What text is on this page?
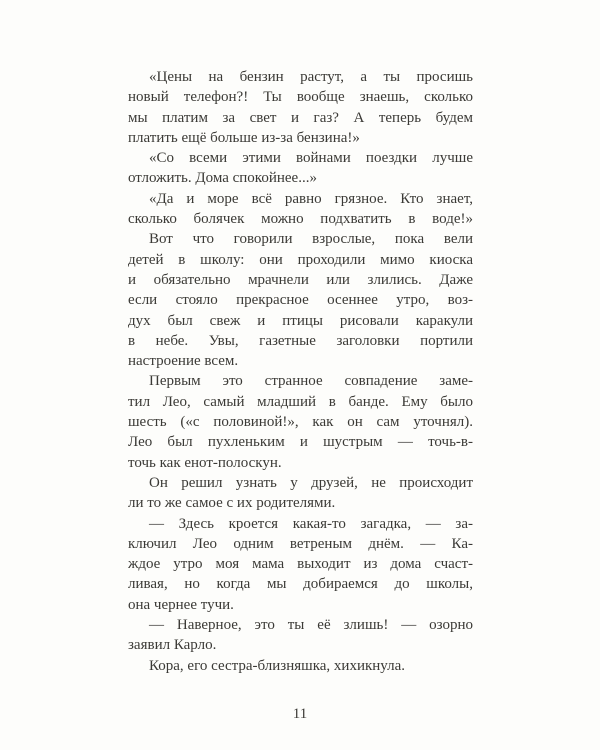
«Цены на бензин растут, а ты просишь
новый телефон?! Ты вообще знаешь, сколько
мы платим за свет и газ? А теперь будем
платить ещё больше из-за бензина!»
«Со всеми этими войнами поездки лучше
отложить. Дома спокойнее...»
«Да и море всё равно грязное. Кто знает,
сколько болячек можно подхватить в воде!»
Вот что говорили взрослые, пока вели
детей в школу: они проходили мимо киоска
и обязательно мрачнели или злились. Даже
если стояло прекрасное осеннее утро, воз-
дух был свеж и птицы рисовали каракули
в небе. Увы, газетные заголовки портили
настроение всем.
Первым это странное совпадение заме-
тил Лео, самый младший в банде. Ему было
шесть («с половиной!», как он сам уточнял).
Лео был пухленьким и шустрым — точь-в-
точь как енот-полоскун.
Он решил узнать у друзей, не происходит
ли то же самое с их родителями.
— Здесь кроется какая-то загадка, — за-
ключил Лео одним ветреным днём. — Ка-
ждое утро моя мама выходит из дома счаст-
ливая, но когда мы добираемся до школы,
она чернее тучи.
— Наверное, это ты её злишь! — озорно
заявил Карло.
Кора, его сестра-близняшка, хихикнула.
11
